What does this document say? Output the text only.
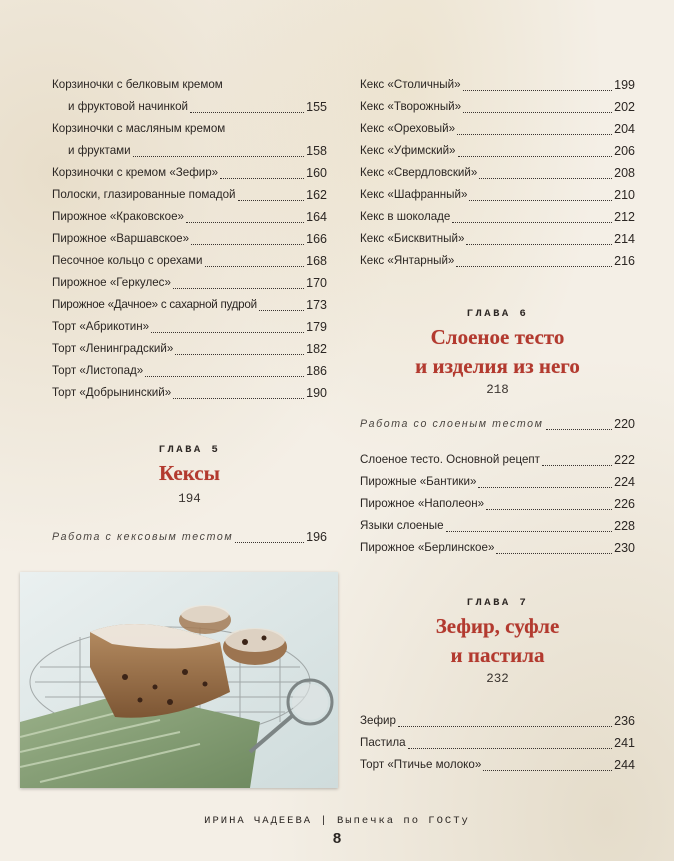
Корзиночки с белковым кремом
и фруктовой начинкой	155
Корзиночки с масляным кремом
и фруктами	158
Корзиночки с кремом «Зефир»	160
Полоски, глазированные помадой	162
Пирожное «Краковское»	164
Пирожное «Варшавское»	166
Песочное кольцо с орехами	168
Пирожное «Геркулес»	170
Пирожное «Дачное» с сахарной пудрой	173
Торт «Абрикотин»	179
Торт «Ленинградский»	182
Торт «Листопад»	186
Торт «Добрынинский»	190
ГЛАВА 5
Кексы
194
Работа с кексовым тестом	196
Кекс «Столичный»	199
Кекс «Творожный»	202
Кекс «Ореховый»	204
Кекс «Уфимский»	206
Кекс «Свердловский»	208
Кекс «Шафранный»	210
Кекс в шоколаде	212
Кекс «Бисквитный»	214
Кекс «Янтарный»	216
ГЛАВА 6
Слоеное тесто
и изделия из него
218
Работа со слоеным тестом	220
Слоеное тесто. Основной рецепт	222
Пирожные «Бантики»	224
Пирожное «Наполеон»	226
Языки слоеные	228
Пирожное «Берлинское»	230
ГЛАВА 7
Зефир, суфле
и пастила
232
Зефир	236
Пастила	241
Торт «Птичье молоко»	244
ИРИНА ЧАДЕЕВА | Выпечка по ГОСТу
8
